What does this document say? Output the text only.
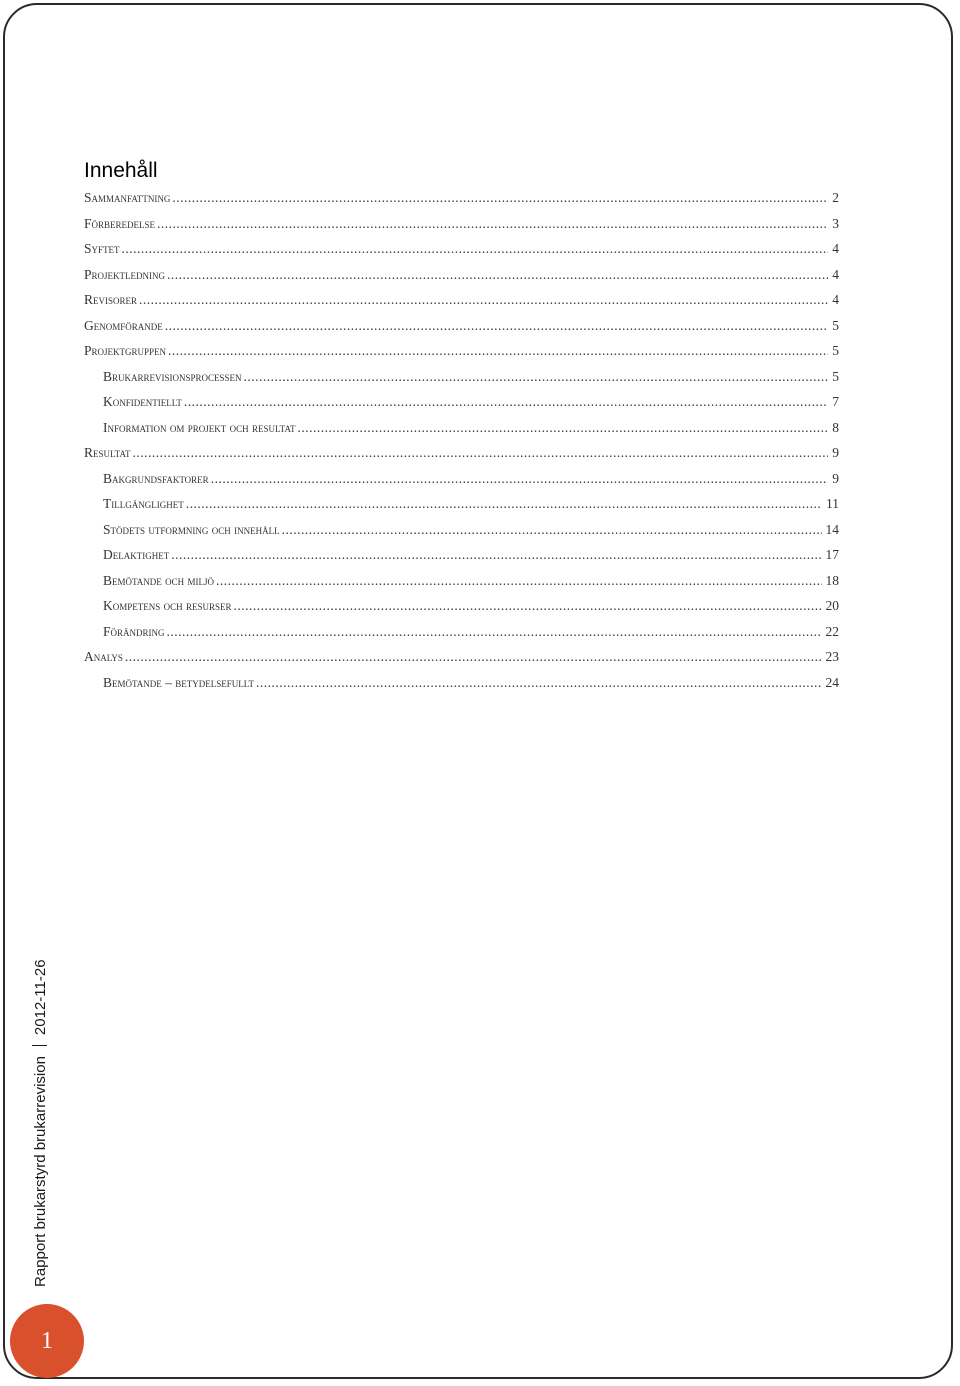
Innehåll
Sammanfattning .....	2
Förberedelse .....	3
Syftet .....	4
Projektledning .....	4
Revisorer .....	4
Genomförande .....	5
Projektgruppen .....	5
Brukarrevisionsprocessen .....	5
Konfidentiellt .....	7
Information om projekt och resultat .....	8
Resultat .....	9
Bakgrundsfaktorer .....	9
Tillgänglighet .....	11
Stödets utformning och innehåll .....	14
Delaktighet .....	17
Bemötande och miljö .....	18
Kompetens och resurser .....	20
Förändring .....	22
Analys .....	23
Bemötande – betydelsefullt .....	24
Rapport brukarstyrd brukarrevision2012-11-26
1
